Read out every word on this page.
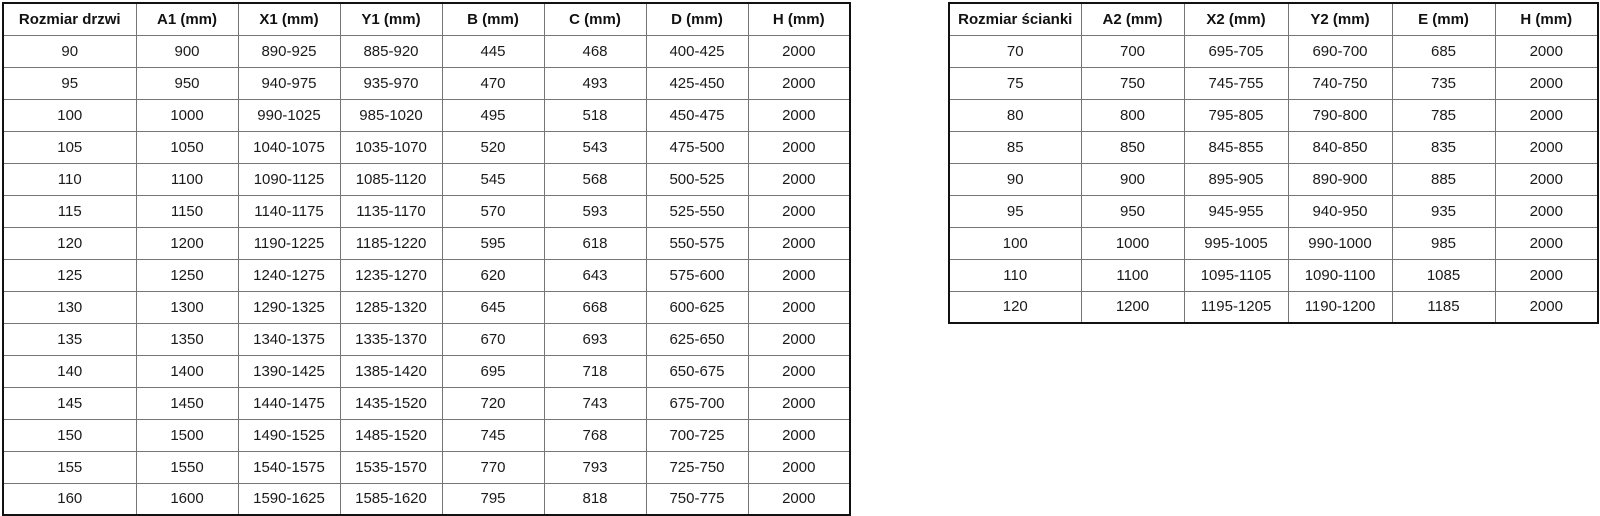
Rozmiar drzwi	A1 (mm)	X1 (mm)	Y1 (mm)	B (mm)	C (mm)	D (mm)	H (mm)
90	900	890-925	885-920	445	468	400-425	2000
95	950	940-975	935-970	470	493	425-450	2000
100	1000	990-1025	985-1020	495	518	450-475	2000
105	1050	1040-1075	1035-1070	520	543	475-500	2000
110	1100	1090-1125	1085-1120	545	568	500-525	2000
115	1150	1140-1175	1135-1170	570	593	525-550	2000
120	1200	1190-1225	1185-1220	595	618	550-575	2000
125	1250	1240-1275	1235-1270	620	643	575-600	2000
130	1300	1290-1325	1285-1320	645	668	600-625	2000
135	1350	1340-1375	1335-1370	670	693	625-650	2000
140	1400	1390-1425	1385-1420	695	718	650-675	2000
145	1450	1440-1475	1435-1520	720	743	675-700	2000
150	1500	1490-1525	1485-1520	745	768	700-725	2000
155	1550	1540-1575	1535-1570	770	793	725-750	2000
160	1600	1590-1625	1585-1620	795	818	750-775	2000
Rozmiar ścianki	A2 (mm)	X2 (mm)	Y2 (mm)	E (mm)	H (mm)
70	700	695-705	690-700	685	2000
75	750	745-755	740-750	735	2000
80	800	795-805	790-800	785	2000
85	850	845-855	840-850	835	2000
90	900	895-905	890-900	885	2000
95	950	945-955	940-950	935	2000
100	1000	995-1005	990-1000	985	2000
110	1100	1095-1105	1090-1100	1085	2000
120	1200	1195-1205	1190-1200	1185	2000
